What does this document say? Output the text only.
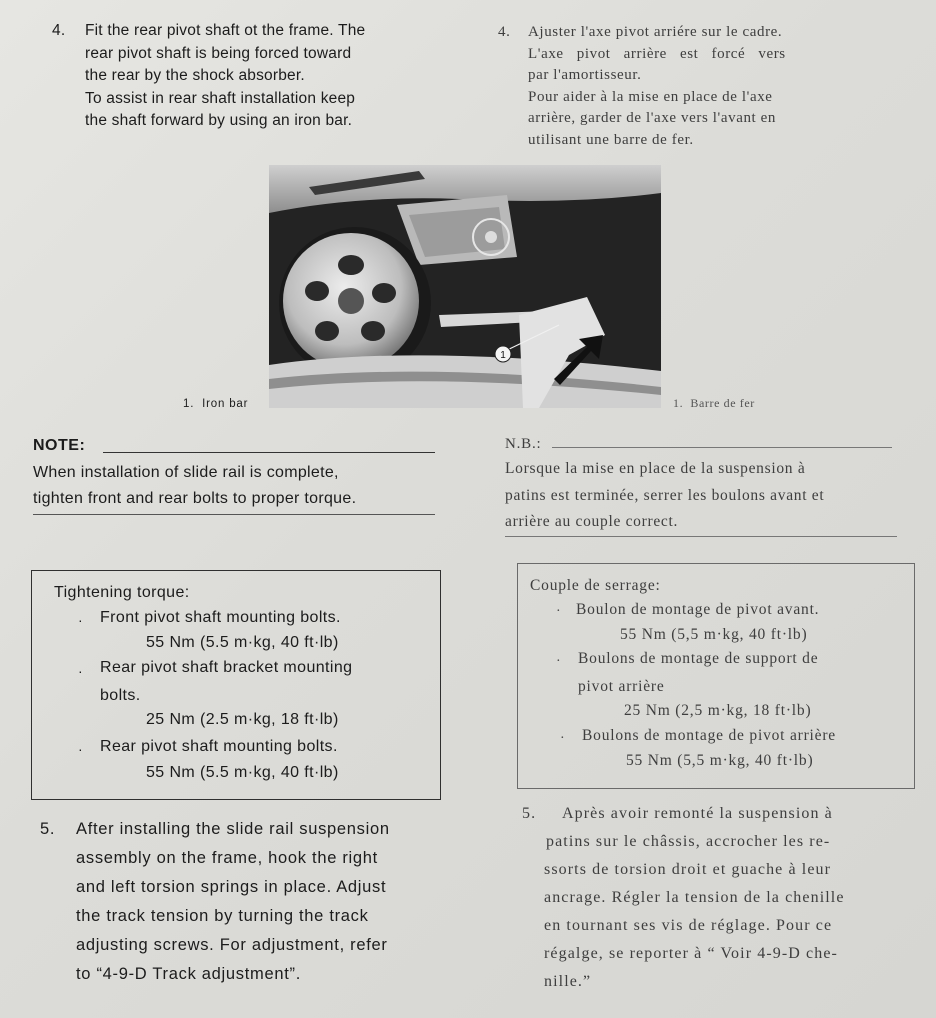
4. Fit the rear pivot shaft ot the frame. The
rear pivot shaft is being forced toward
the rear by the shock absorber.
To assist in rear shaft installation keep
the shaft forward by using an iron bar.
4. Ajuster l'axe pivot arriére sur le cadre.
L'axe   pivot   arrière   est   forcé   vers
par l'amortisseur.
Pour aider à la mise en place de l'axe
arrière, garder de l'axe vers l'avant en
utilisant une barre de fer.
1
1.  Iron bar	1.  Barre de fer
NOTE:
When installation of slide rail is complete,
tighten front and rear bolts to proper torque.
N.B.:
Lorsque la mise en place de la suspension à
patins est terminée, serrer les boulons avant et
arrière au couple correct.
Tightening torque:
· Front pivot shaft mounting bolts.
55 Nm (5.5 m·kg, 40 ft·lb)
· Rear pivot shaft bracket mounting
bolts.
25 Nm (2.5 m·kg, 18 ft·lb)
· Rear pivot shaft mounting bolts.
55 Nm (5.5 m·kg, 40 ft·lb)
Couple de serrage:
· Boulon de montage de pivot avant.
55 Nm (5,5 m·kg, 40 ft·lb)
· Boulons de montage de support de
pivot arrière
25 Nm (2,5 m·kg, 18 ft·lb)
· Boulons de montage de pivot arrière
55 Nm (5,5 m·kg, 40 ft·lb)
5. After installing the slide rail suspension
assembly on the frame, hook the right
and left torsion springs in place. Adjust
the track tension by turning the track
adjusting screws. For adjustment, refer
to “4-9-D Track adjustment”.
5. Après avoir remonté la suspension à
patins sur le châssis, accrocher les re-
ssorts de torsion droit et guache à leur
ancrage. Régler la tension de la chenille
en tournant ses vis de réglage. Pour ce
régalge, se reporter à “ Voir 4-9-D che-
nille.”
